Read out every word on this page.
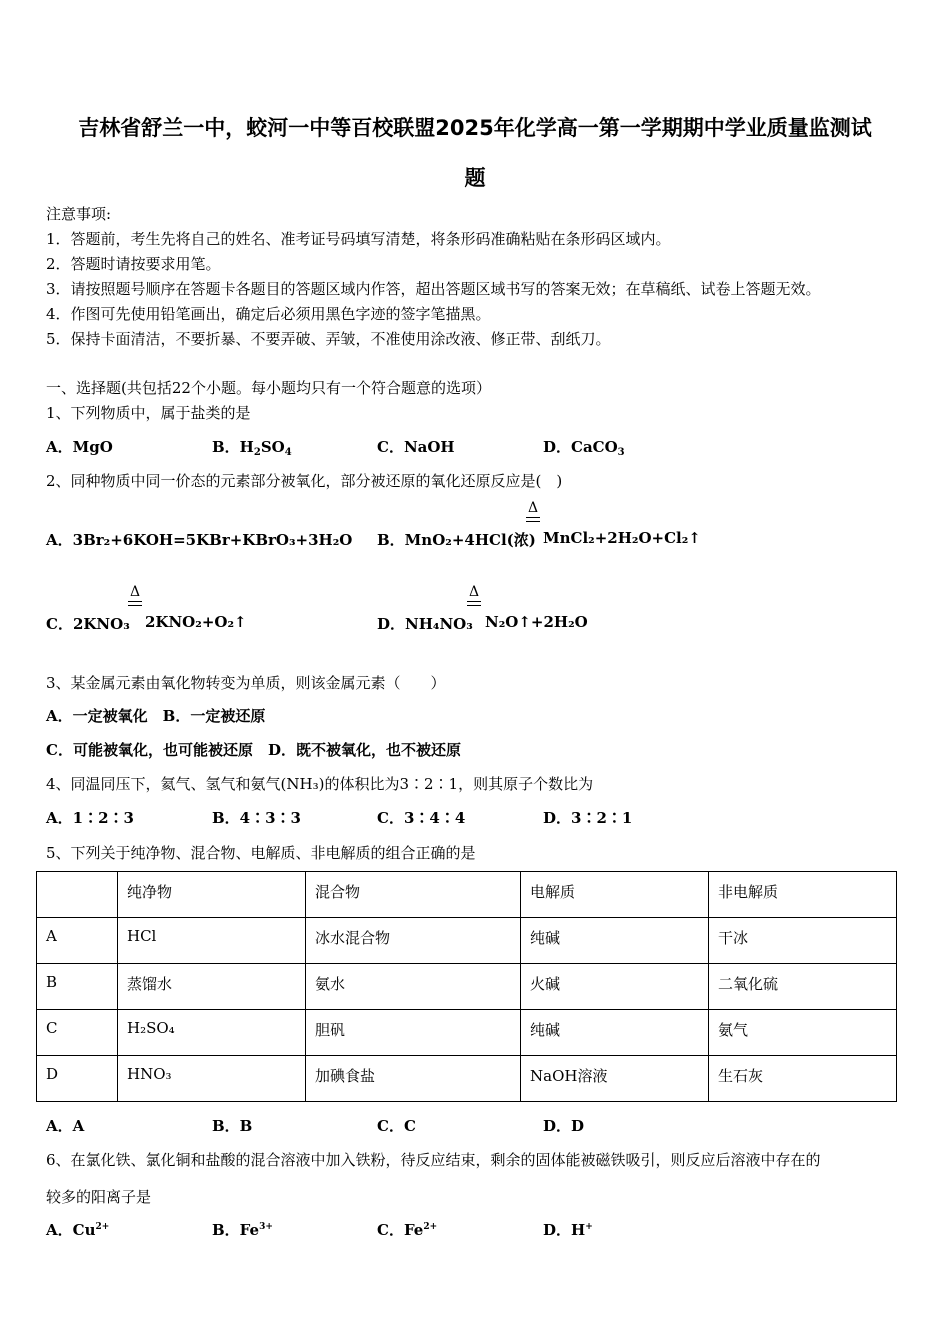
吉林省舒兰一中，蛟河一中等百校联盟2025年化学高一第一学期期中学业质量监测试
题
注意事项:
1．答题前，考生先将自己的姓名、准考证号码填写清楚，将条形码准确粘贴在条形码区域内。
2．答题时请按要求用笔。
3．请按照题号顺序在答题卡各题目的答题区域内作答，超出答题区域书写的答案无效；在草稿纸、试卷上答题无效。
4．作图可先使用铅笔画出，确定后必须用黑色字迹的签字笔描黑。
5．保持卡面清洁，不要折暴、不要弄破、弄皱，不准使用涂改液、修正带、刮纸刀。
一、选择题(共包括22个小题。每小题均只有一个符合题意的选项）
1、下列物质中，属于盐类的是
A．MgO	B．$H_2SO_4$	C．NaOH	D．CaCO$_3$
2、同种物质中同一价态的元素部分被氧化，部分被还原的氧化还原反应是(　)
A．3Br₂+6KOH=5KBr+KBrO₃+3H₂O B．MnO₂+4HCl(浓)
Δ
MnCl₂+2H₂O+Cl₂↑
C．2KNO₃
Δ
2KNO₂+O₂↑	D．NH₄NO₃
Δ
N₂O↑+2H₂O
3、某金属元素由氧化物转变为单质，则该金属元素（　　）
A．一定被氧化　B．一定被还原
C．可能被氧化，也可能被还原　D．既不被氧化，也不被还原
4、同温同压下，氦气、氢气和氨气(NH₃)的体积比为3∶2∶1，则其原子个数比为
A．1∶2∶3	B．4∶3∶3	C．3∶4∶4	D．3∶2∶1
5、下列关于纯净物、混合物、电解质、非电解质的组合正确的是
	纯净物	混合物	电解质	非电解质
A	HCl	冰水混合物	纯碱	干冰
B	蒸馏水	氨水	火碱	二氧化硫
C	H₂SO₄	胆矾	纯碱	氨气
D	HNO₃	加碘食盐	NaOH溶液	生石灰
A．A	B．B	C．C	D．D
6、在氯化铁、氯化铜和盐酸的混合溶液中加入铁粉，待反应结束，剩余的固体能被磁铁吸引，则反应后溶液中存在的
较多的阳离子是
A．$Cu^{2+}$	B．$Fe^{3+}$	C．$Fe^{2+}$	D．H+
